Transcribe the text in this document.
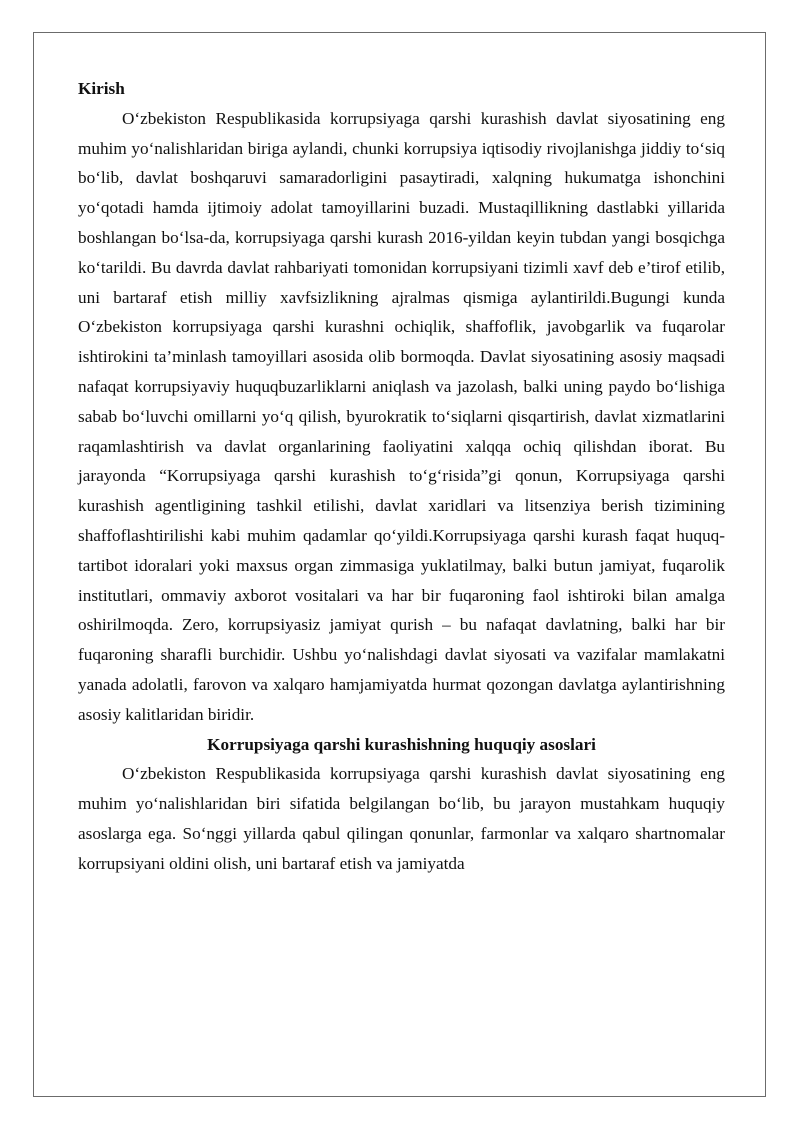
Kirish

O‘zbekiston Respublikasida korrupsiyaga qarshi kurashish davlat siyosatining eng muhim yo‘nalishlaridan biriga aylandi, chunki korrupsiya iqtisodiy rivojlanishga jiddiy to‘siq bo‘lib, davlat boshqaruvi samaradorligini pasaytiradi, xalqning hukumatga ishonchini yo‘qotadi hamda ijtimoiy adolat tamoyillarini buzadi. Mustaqillikning dastlabki yillarida boshlangan bo‘lsa-da, korrupsiyaga qarshi kurash 2016-yildan keyin tubdan yangi bosqichga ko‘tarildi. Bu davrda davlat rahbariyati tomonidan korrupsiyani tizimli xavf deb e’tirof etilib, uni bartaraf etish milliy xavfsizlikning ajralmas qismiga aylantirildi.Bugungi kunda O‘zbekiston korrupsiyaga qarshi kurashni ochiqlik, shaffoflik, javobgarlik va fuqarolar ishtirokini ta’minlash tamoyillari asosida olib bormoqda. Davlat siyosatining asosiy maqsadi nafaqat korrupsiyaviy huquqbuzarliklarni aniqlash va jazolash, balki uning paydo bo‘lishiga sabab bo‘luvchi omillarni yo‘q qilish, byurokratik to‘siqlarni qisqartirish, davlat xizmatlarini raqamlashtirish va davlat organlarining faoliyatini xalqqa ochiq qilishdan iborat. Bu jarayonda “Korrupsiyaga qarshi kurashish to‘g‘risida”gi qonun, Korrupsiyaga qarshi kurashish agentligining tashkil etilishi, davlat xaridlari va litsenziya berish tizimining shaffoflashtirilishi kabi muhim qadamlar qo‘yildi.Korrupsiyaga qarshi kurash faqat huquq-tartibot idoralari yoki maxsus organ zimmasiga yuklatilmay, balki butun jamiyat, fuqarolik institutlari, ommaviy axborot vositalari va har bir fuqaroning faol ishtiroki bilan amalga oshirilmoqda. Zero, korrupsiyasiz jamiyat qurish – bu nafaqat davlatning, balki har bir fuqaroning sharafli burchidir. Ushbu yo‘nalishdagi davlat siyosati va vazifalar mamlakatni yanada adolatli, farovon va xalqaro hamjamiyatda hurmat qozongan davlatga aylantirishning asosiy kalitlaridan biridir.

Korrupsiyaga qarshi kurashishning huquqiy asoslari

O‘zbekiston Respublikasida korrupsiyaga qarshi kurashish davlat siyosatining eng muhim yo‘nalishlaridan biri sifatida belgilangan bo‘lib, bu jarayon mustahkam huquqiy asoslarga ega. So‘nggi yillarda qabul qilingan qonunlar, farmonlar va xalqaro shartnomalar korrupsiyani oldini olish, uni bartaraf etish va jamiyatda
